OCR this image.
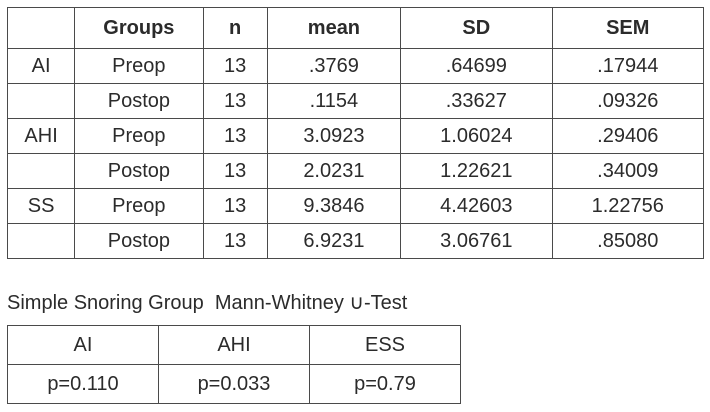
	Groups	n	mean	SD	SEM
AI	Preop	13	.3769	.64699	.17944
	Postop	13	.1154	.33627	.09326
AHI	Preop	13	3.0923	1.06024	.29406
	Postop	13	2.0231	1.22621	.34009
SS	Preop	13	9.3846	4.42603	1.22756
	Postop	13	6.9231	3.06761	.85080
Simple Snoring Group  Mann-Whitney ∪-Test
AI	AHI	ESS
p=0.110	p=0.033	p=0.79
